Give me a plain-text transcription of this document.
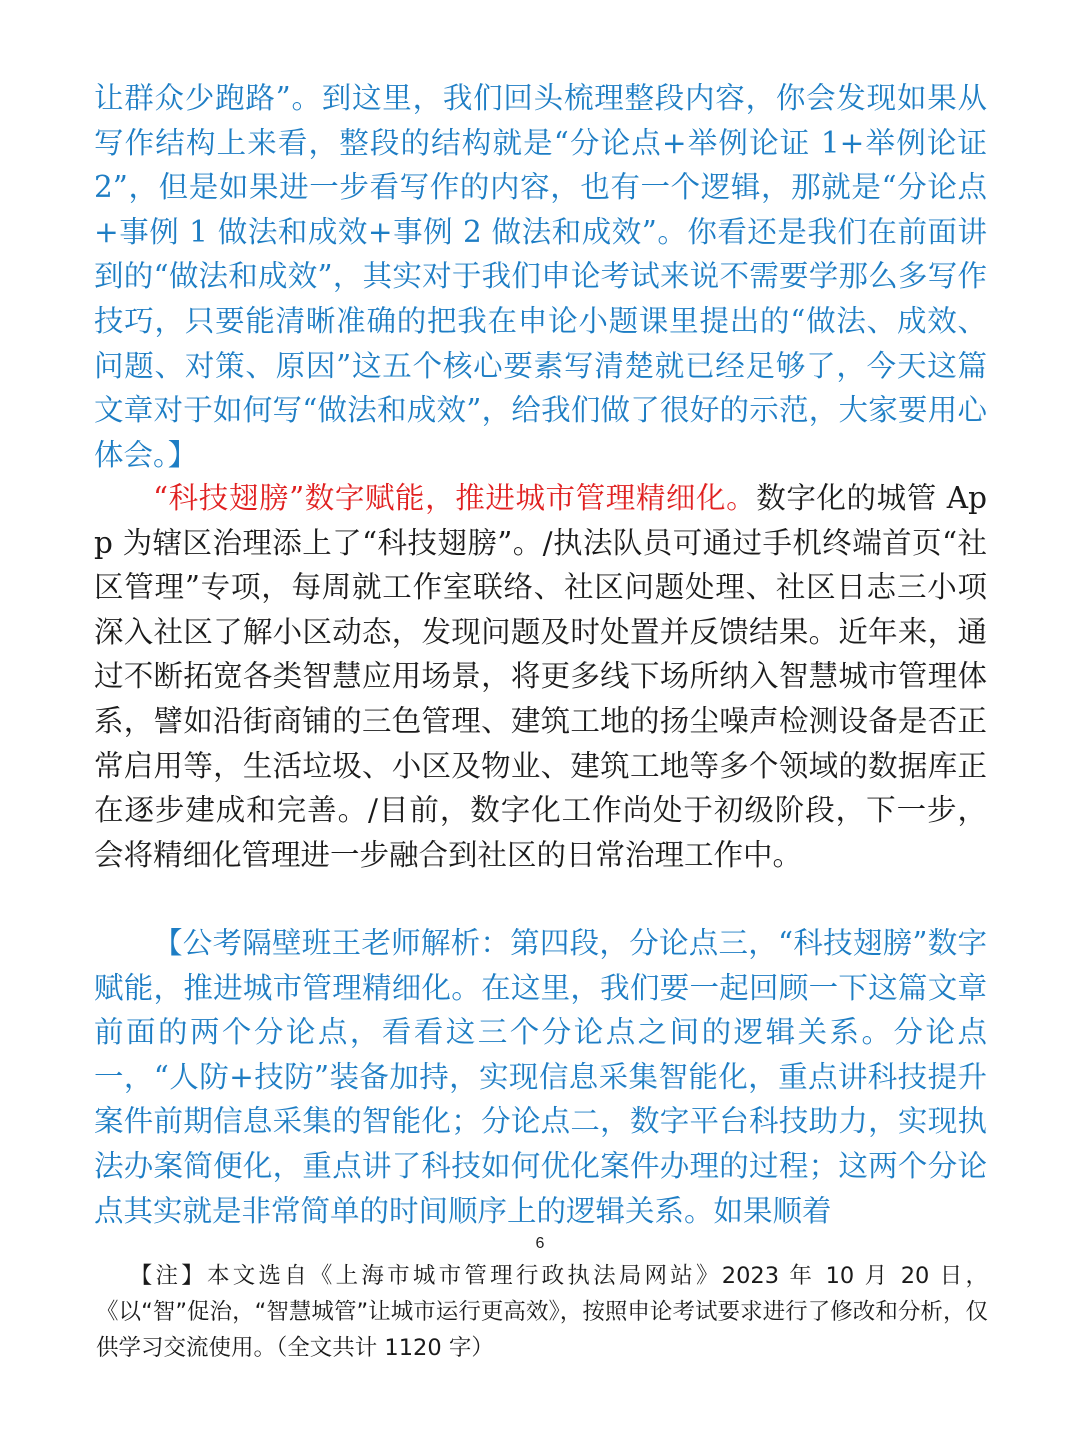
让群众少跑路”。到这里，我们回头梳理整段内容，你会发现如果从写作结构上来看，整段的结构就是“分论点+举例论证 1+举例论证 2”，但是如果进一步看写作的内容，也有一个逻辑，那就是“分论点+事例 1 做法和成效+事例 2 做法和成效”。你看还是我们在前面讲到的“做法和成效”，其实对于我们申论考试来说不需要学那么多写作技巧，只要能清晰准确的把我在申论小题课里提出的“做法、成效、问题、对策、原因”这五个核心要素写清楚就已经足够了，今天这篇文章对于如何写“做法和成效”，给我们做了很好的示范，大家要用心体会。】

“科技翅膀”数字赋能，推进城市管理精细化。数字化的城管 App 为辖区治理添上了“科技翅膀”。/执法队员可通过手机终端首页“社区管理”专项，每周就工作室联络、社区问题处理、社区日志三小项深入社区了解小区动态，发现问题及时处置并反馈结果。近年来，通过不断拓宽各类智慧应用场景，将更多线下场所纳入智慧城市管理体系，譬如沿街商铺的三色管理、建筑工地的扬尘噪声检测设备是否正常启用等，生活垃圾、小区及物业、建筑工地等多个领域的数据库正在逐步建成和完善。/目前，数字化工作尚处于初级阶段，下一步，会将精细化管理进一步融合到社区的日常治理工作中。

【公考隔壁班王老师解析：第四段，分论点三，“科技翅膀”数字赋能，推进城市管理精细化。在这里，我们要一起回顾一下这篇文章前面的两个分论点，看看这三个分论点之间的逻辑关系。分论点一，“人防+技防”装备加持，实现信息采集智能化，重点讲科技提升案件前期信息采集的智能化；分论点二，数字平台科技助力，实现执法办案简便化，重点讲了科技如何优化案件办理的过程；这两个分论点其实就是非常简单的时间顺序上的逻辑关系。如果顺着

6

【注】本文选自《上海市城市管理行政执法局网站》2023 年 10 月 20 日，《以“智”促治，“智慧城管”让城市运行更高效》，按照申论考试要求进行了修改和分析，仅供学习交流使用。（全文共计 1120 字）
